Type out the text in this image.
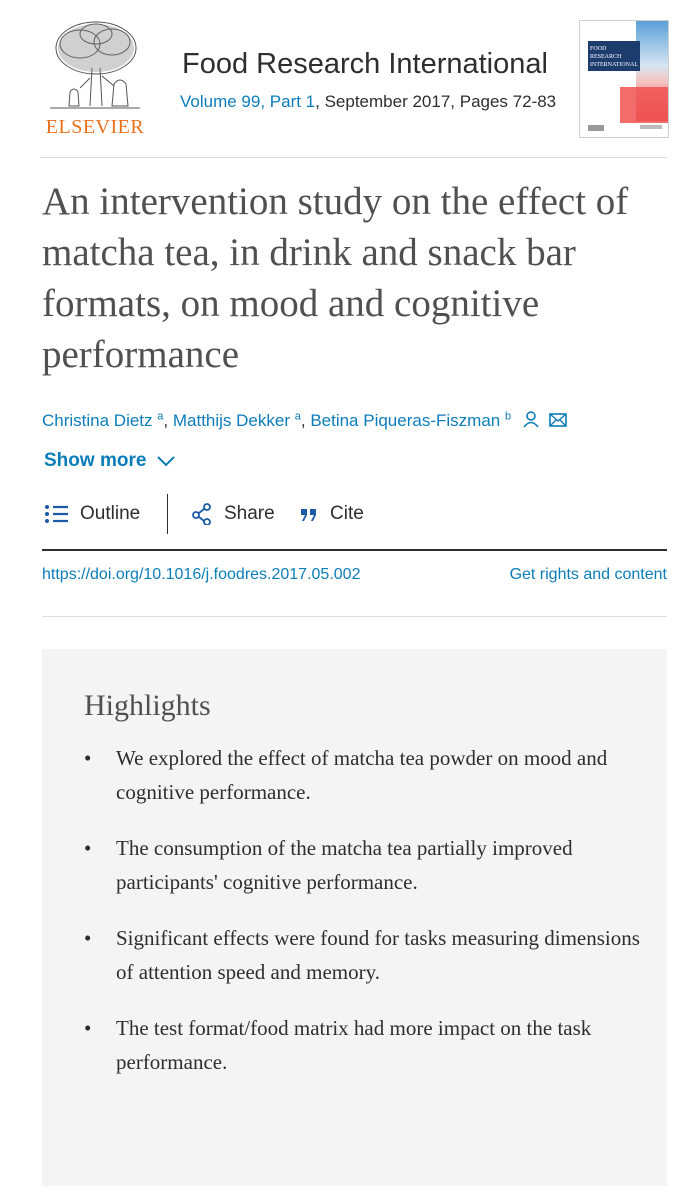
ELSEVIER
Food Research International
Volume 99, Part 1, September 2017, Pages 72-83
FOOD RESEARCH INTERNATIONAL
An intervention study on the effect of matcha tea, in drink and snack bar formats, on mood and cognitive performance
Christina Dietz $^a$, Matthijs Dekker $^a$, Betina Piqueras-Fiszman $^b$
Show more
Outline	Share	Cite
https://doi.org/10.1016/j.foodres.2017.05.002	Get rights and content
Highlights
• We explored the effect of matcha tea powder on mood and cognitive performance.
• The consumption of the matcha tea partially improved participants' cognitive performance.
• Significant effects were found for tasks measuring dimensions of attention speed and memory.
• The test format/food matrix had more impact on the task performance.
